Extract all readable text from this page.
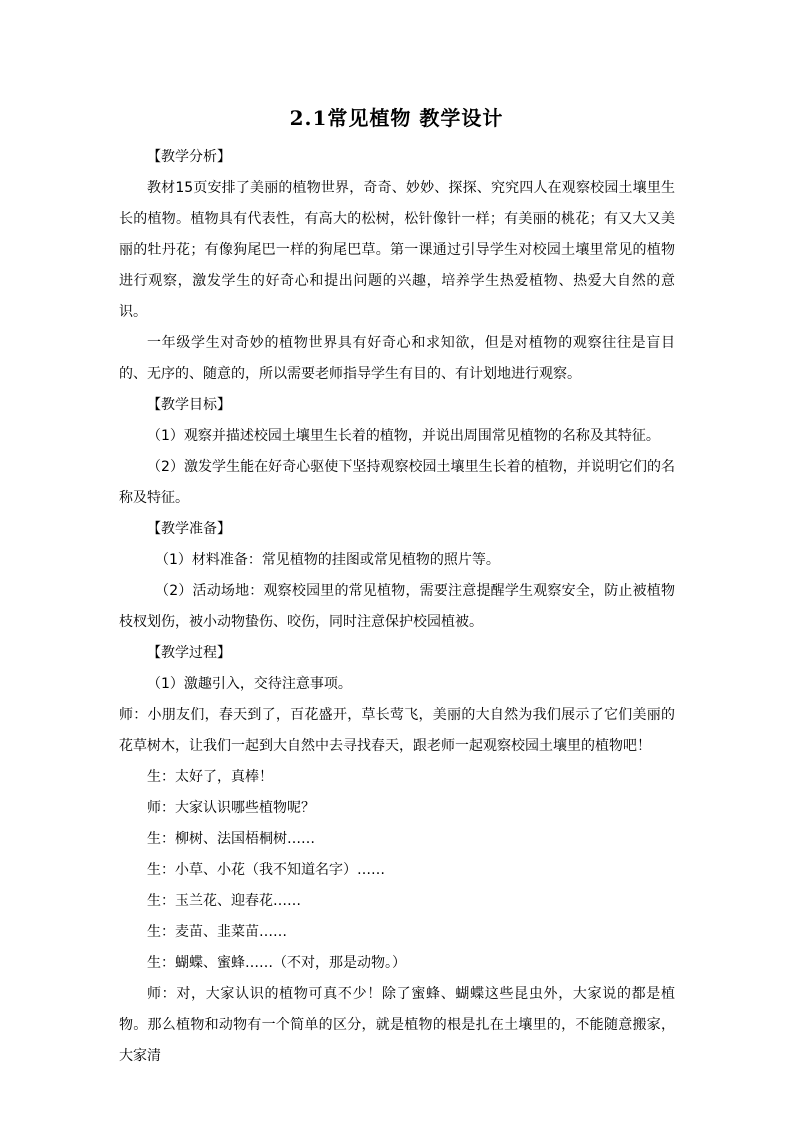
2.1常见植物 教学设计

【教学分析】

教材15页安排了美丽的植物世界，奇奇、妙妙、探探、究究四人在观察校园土壤里生长的植物。植物具有代表性，有高大的松树，松针像针一样；有美丽的桃花；有又大又美丽的牡丹花；有像狗尾巴一样的狗尾巴草。第一课通过引导学生对校园土壤里常见的植物进行观察，激发学生的好奇心和提出问题的兴趣，培养学生热爱植物、热爱大自然的意识。

一年级学生对奇妙的植物世界具有好奇心和求知欲，但是对植物的观察往往是盲目的、无序的、随意的，所以需要老师指导学生有目的、有计划地进行观察。

【教学目标】

（1）观察并描述校园土壤里生长着的植物，并说出周围常见植物的名称及其特征。

（2）激发学生能在好奇心驱使下坚持观察校园土壤里生长着的植物，并说明它们的名称及特征。

【教学准备】

（1）材料准备：常见植物的挂图或常见植物的照片等。

（2）活动场地：观察校园里的常见植物，需要注意提醒学生观察安全，防止被植物枝杈划伤，被小动物蛰伤、咬伤，同时注意保护校园植被。

【教学过程】

（1）激趣引入，交待注意事项。

师：小朋友们，春天到了，百花盛开，草长莺飞，美丽的大自然为我们展示了它们美丽的花草树木，让我们一起到大自然中去寻找春天，跟老师一起观察校园土壤里的植物吧！

生：太好了，真棒！

师：大家认识哪些植物呢？

生：柳树、法国梧桐树……

生：小草、小花（我不知道名字）……

生：玉兰花、迎春花……

生：麦苗、韭菜苗……

生：蝴蝶、蜜蜂……（不对，那是动物。）

师：对，大家认识的植物可真不少！除了蜜蜂、蝴蝶这些昆虫外，大家说的都是植物。那么植物和动物有一个简单的区分，就是植物的根是扎在土壤里的，不能随意搬家，大家清
